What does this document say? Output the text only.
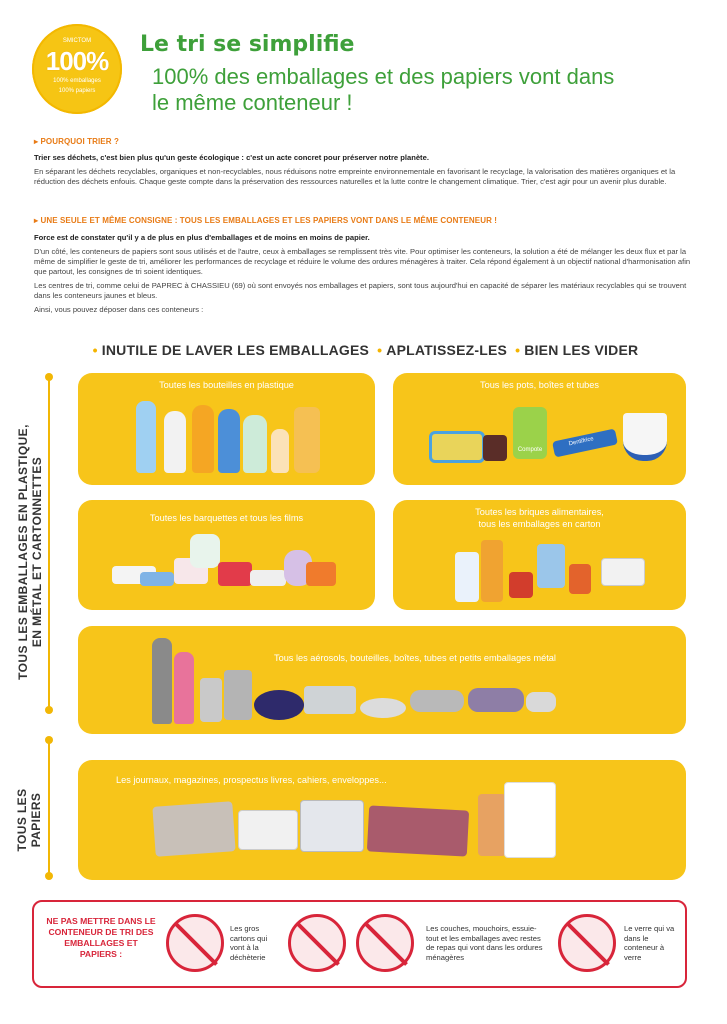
SMICTOM
100%
100% emballages
100% papiers
Le tri se simplifie
100% des emballages et des papiers vont dans le même conteneur !
▸ POURQUOI TRIER ?
Trier ses déchets, c'est bien plus qu'un geste écologique : c'est un acte concret pour préserver notre planète.
En séparant les déchets recyclables, organiques et non-recyclables, nous réduisons notre empreinte environnementale en favorisant le recyclage, la valorisation des matières organiques et la réduction des déchets enfouis. Chaque geste compte dans la préservation des ressources naturelles et la lutte contre le changement climatique. Trier, c'est agir pour un avenir plus durable.
▸ UNE SEULE ET MÊME CONSIGNE : TOUS LES EMBALLAGES ET LES PAPIERS VONT DANS LE MÊME CONTENEUR !
Force est de constater qu'il y a de plus en plus d'emballages et de moins en moins de papier.
D'un côté, les conteneurs de papiers sont sous utilisés et de l'autre, ceux à emballages se remplissent très vite. Pour optimiser les conteneurs, la solution a été de mélanger les deux flux et par la même de simplifier le geste de tri, améliorer les performances de recyclage et réduire le volume des ordures ménagères à traiter. Cela répond également à un objectif national d'harmonisation afin que partout, les consignes de tri soient identiques.
Les centres de tri, comme celui de PAPREC à CHASSIEU (69) où sont envoyés nos emballages et papiers, sont tous aujourd'hui en capacité de séparer les matériaux recyclables qui se trouvent dans les conteneurs jaunes et bleus.
Ainsi, vous pouvez déposer dans ces conteneurs :
• INUTILE DE LAVER LES EMBALLAGES • APLATISSEZ-LES • BIEN LES VIDER
TOUS LES EMBALLAGES EN PLASTIQUE, EN MÉTAL ET CARTONNETTES
TOUS LES PAPIERS
Toutes les bouteilles en plastique	Tous les pots, boîtes et tubes
Compote
Dentifrice
Toutes les barquettes et tous les films
Toutes les briques alimentaires,
tous les emballages en carton
Tous les aérosols, bouteilles, boîtes, tubes et petits emballages métal
Les journaux, magazines, prospectus livres, cahiers, enveloppes...
NE PAS METTRE DANS LE CONTENEUR DE TRI DES EMBALLAGES ET PAPIERS :
Les gros cartons qui vont à la déchèterie
Les couches, mouchoirs, essuie-tout et les emballages avec restes de repas qui vont dans les ordures ménagères
Le verre qui va dans le conteneur à verre
